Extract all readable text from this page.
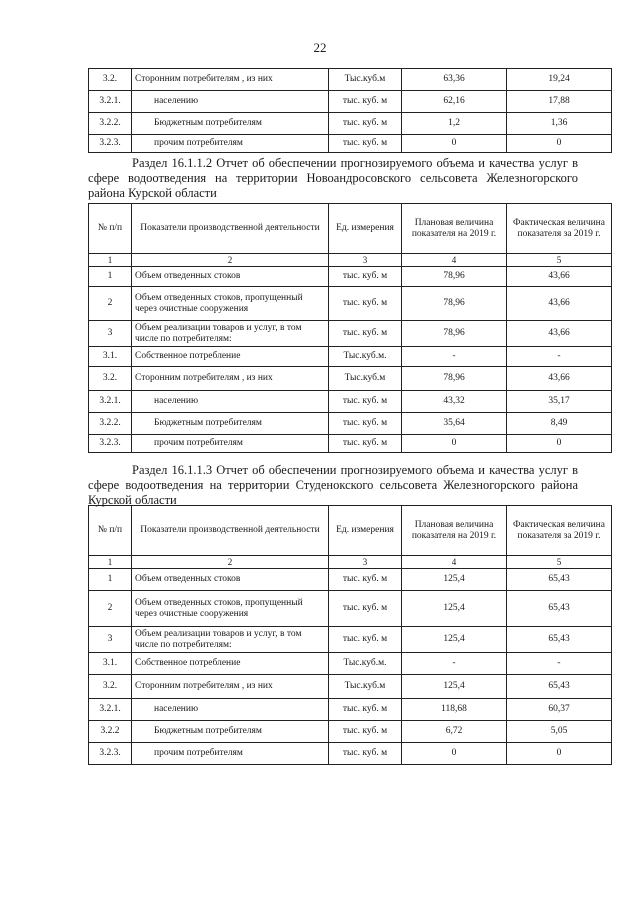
22
3.2.	Сторонним потребителям , из них	Тыс.куб.м	63,36	19,24
3.2.1.	населению	тыс. куб. м	62,16	17,88
3.2.2.	Бюджетным потребителям	тыс. куб. м	1,2	1,36
3.2.3.	прочим потребителям	тыс. куб. м	0	0
Раздел 16.1.1.2 Отчет об обеспечении прогнозируемого объема и качества услуг в сфере водоотведения на территории Новоандросовского сельсовета Железногорского района Курской области
№ п/п	Показатели производственной деятельности	Ед. измерения	Плановая величина показателя на 2019 г.	Фактическая величина показателя за 2019 г.
1	2	3	4	5
1	Объем отведенных стоков	тыс. куб. м	78,96	43,66
2	Объем отведенных стоков, пропущенный через очистные сооружения	тыс. куб. м	78,96	43,66
3	Объем реализации товаров и услуг, в том числе по потребителям:	тыс. куб. м	78,96	43,66
3.1.	Собственное потребление	Тыс.куб.м.	-	-
3.2.	Сторонним потребителям , из них	Тыс.куб.м	78,96	43,66
3.2.1.	населению	тыс. куб. м	43,32	35,17
3.2.2.	Бюджетным потребителям	тыс. куб. м	35,64	8,49
3.2.3.	прочим потребителям	тыс. куб. м	0	0
Раздел 16.1.1.3 Отчет об обеспечении прогнозируемого объема и качества услуг в сфере водоотведения на территории Студенокского сельсовета Железногорского района Курской области
№ п/п	Показатели производственной деятельности	Ед. измерения	Плановая величина показателя на 2019 г.	Фактическая величина показателя за 2019 г.
1	2	3	4	5
1	Объем отведенных стоков	тыс. куб. м	125,4	65,43
2	Объем отведенных стоков, пропущенный через очистные сооружения	тыс. куб. м	125,4	65,43
3	Объем реализации товаров и услуг, в том числе по потребителям:	тыс. куб. м	125,4	65,43
3.1.	Собственное потребление	Тыс.куб.м.	-	-
3.2.	Сторонним потребителям , из них	Тыс.куб.м	125,4	65,43
3.2.1.	населению	тыс. куб. м	118,68	60,37
3.2.2	Бюджетным потребителям	тыс. куб. м	6,72	5,05
3.2.3.	прочим потребителям	тыс. куб. м	0	0
